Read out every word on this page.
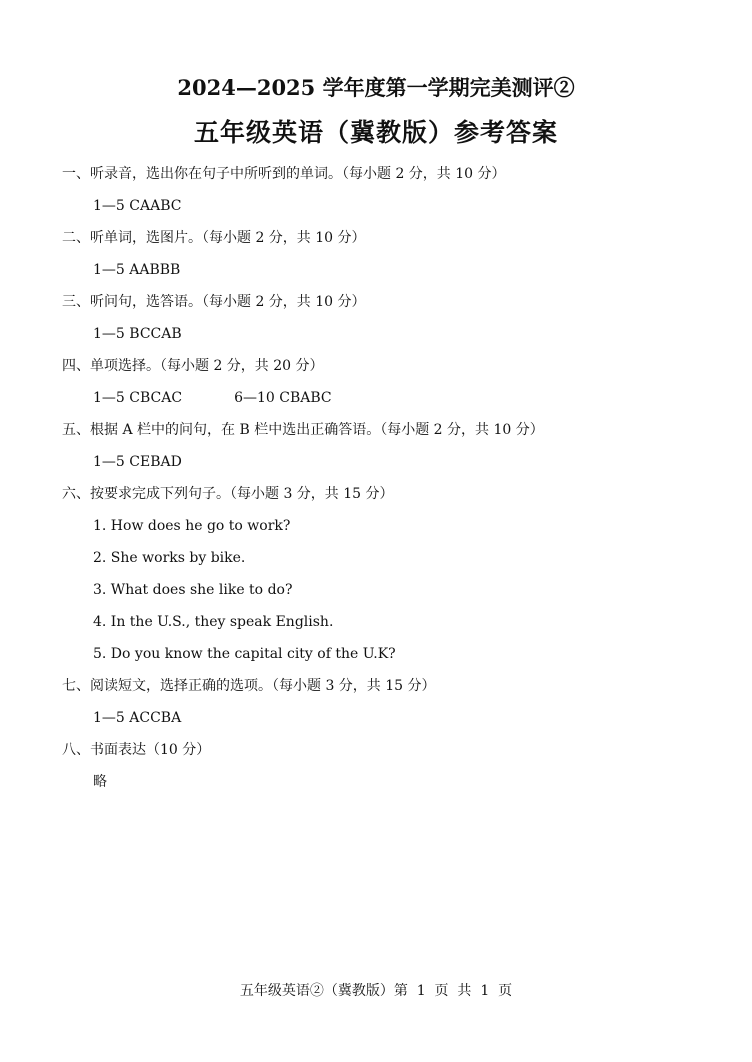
2024—2025 学年度第一学期完美测评②
五年级英语（冀教版）参考答案
一、听录音，选出你在句子中所听到的单词。（每小题 2 分，共 10 分）
1—5 CAABC
二、听单词，选图片。（每小题 2 分，共 10 分）
1—5 AABBB
三、听问句，选答语。（每小题 2 分，共 10 分）
1—5 BCCAB
四、单项选择。（每小题 2 分，共 20 分）
1—5 CBCAC	6—10 CBABC
五、根据 A 栏中的问句，在 B 栏中选出正确答语。（每小题 2 分，共 10 分）
1—5 CEBAD
六、按要求完成下列句子。（每小题 3 分，共 15 分）
1. How does he go to work?
2. She works by bike.
3. What does she like to do?
4. In the U.S., they speak English.
5. Do you know the capital city of the U.K?
七、阅读短文，选择正确的选项。（每小题 3 分，共 15 分）
1—5 ACCBA
八、书面表达（10 分）
略
五年级英语②（冀教版）第  1  页  共  1  页
